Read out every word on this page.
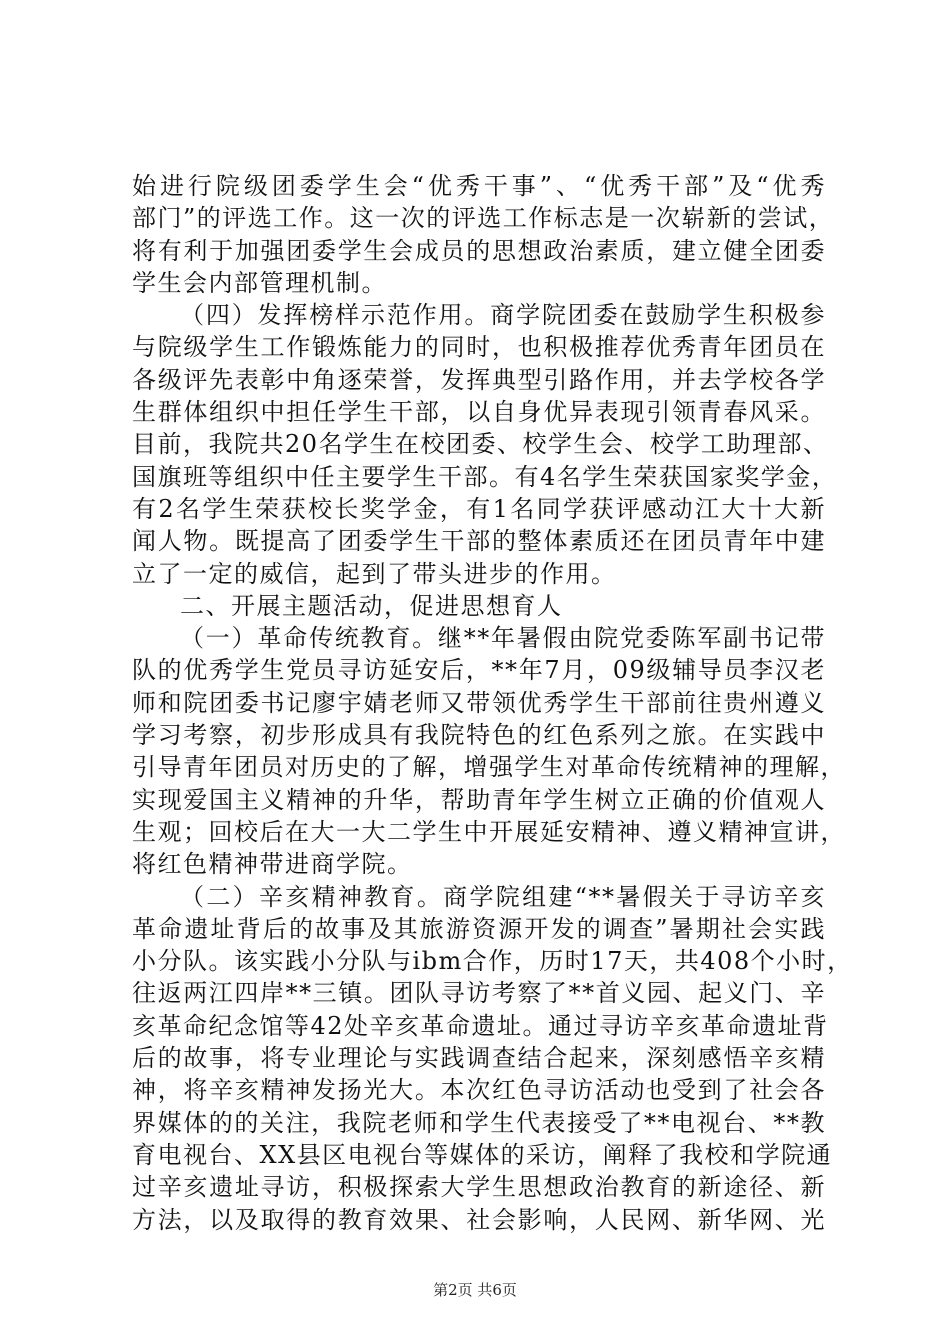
始进行院级团委学生会“优秀干事”、“优秀干部”及“优秀
部门”的评选工作。这一次的评选工作标志是一次崭新的尝试，
将有利于加强团委学生会成员的思想政治素质，建立健全团委
学生会内部管理机制。
（四）发挥榜样示范作用。商学院团委在鼓励学生积极参
与院级学生工作锻炼能力的同时，也积极推荐优秀青年团员在
各级评先表彰中角逐荣誉，发挥典型引路作用，并去学校各学
生群体组织中担任学生干部，以自身优异表现引领青春风采。
目前，我院共20名学生在校团委、校学生会、校学工助理部、
国旗班等组织中任主要学生干部。有4名学生荣获国家奖学金，
有2名学生荣获校长奖学金，有1名同学获评感动江大十大新
闻人物。既提高了团委学生干部的整体素质还在团员青年中建
立了一定的威信，起到了带头进步的作用。
二、开展主题活动，促进思想育人
（一）革命传统教育。继**年暑假由院党委陈军副书记带
队的优秀学生党员寻访延安后，**年7月，09级辅导员李汉老
师和院团委书记廖宇婧老师又带领优秀学生干部前往贵州遵义
学习考察，初步形成具有我院特色的红色系列之旅。在实践中
引导青年团员对历史的了解，增强学生对革命传统精神的理解，
实现爱国主义精神的升华，帮助青年学生树立正确的价值观人
生观；回校后在大一大二学生中开展延安精神、遵义精神宣讲，
将红色精神带进商学院。
（二）辛亥精神教育。商学院组建“**暑假关于寻访辛亥
革命遗址背后的故事及其旅游资源开发的调查”暑期社会实践
小分队。该实践小分队与ibm合作，历时17天，共408个小时，
往返两江四岸**三镇。团队寻访考察了**首义园、起义门、辛
亥革命纪念馆等42处辛亥革命遗址。通过寻访辛亥革命遗址背
后的故事，将专业理论与实践调查结合起来，深刻感悟辛亥精
神，将辛亥精神发扬光大。本次红色寻访活动也受到了社会各
界媒体的的关注，我院老师和学生代表接受了**电视台、**教
育电视台、XX县区电视台等媒体的采访，阐释了我校和学院通
过辛亥遗址寻访，积极探索大学生思想政治教育的新途径、新
方法，以及取得的教育效果、社会影响，人民网、新华网、光
第2页 共6页
